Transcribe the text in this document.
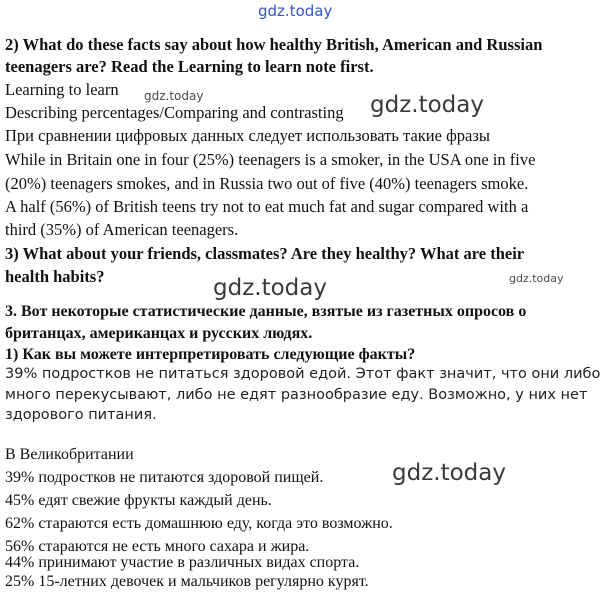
gdz.today
gdz.today	gdz.today
gdz.today
gdz.today
gdz.today
2) What do these facts say about how healthy British, American and Russian
teenagers are? Read the Learning to learn note first.
Learning to learn
Describing percentages/Comparing and contrasting
При сравнении цифровых данных следует использовать такие фразы
While in Britain one in four (25%) teenagers is a smoker, in the USA one in five
(20%) teenagers smokes, and in Russia two out of five (40%) teenagers smoke.
A half (56%) of British teens try not to eat much fat and sugar compared with a
third (35%) of American teenagers.
3) What about your friends, classmates? Are they healthy? What are their
health habits?
3. Вот некоторые статистические данные, взятые из газетных опросов о
британцах, американцах и русских людях.
1) Как вы можете интерпретировать следующие факты?
39% подростков не питаться здоровой едой. Этот факт значит, что они либо
много перекусывают, либо не едят разнообразие еду. Возможно, у них нет
здорового питания.
В Великобритании
39% подростков не питаются здоровой пищей.
45% едят свежие фрукты каждый день.
62% стараются есть домашнюю еду, когда это возможно.
56% стараются не есть много сахара и жира.
44% принимают участие в различных видах спорта.
25% 15-летних девочек и мальчиков регулярно курят.
